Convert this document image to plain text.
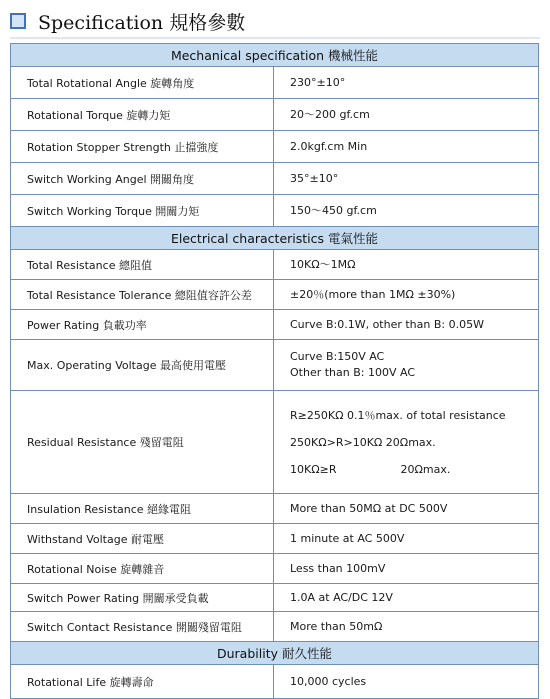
Specification 規格參數
Mechanical specification 機械性能
Total Rotational Angle 旋轉角度	230°±10°
Rotational Torque 旋轉力矩	20～200 gf.cm
Rotation Stopper Strength 止擋強度	2.0kgf.cm Min
Switch Working Angel 開關角度	35°±10°
Switch Working Torque 開關力矩	150～450 gf.cm
Electrical characteristics 電氣性能
Total Resistance 總阻值	10KΩ～1MΩ
Total Resistance Tolerance 總阻值容許公差	±20％(more than 1MΩ ±30%)
Power Rating 負載功率	Curve B:0.1W, other than B: 0.05W
Max. Operating Voltage 最高使用電壓
Curve B:150V AC
Other than B: 100V AC
Residual Resistance 殘留電阻
R≥250KΩ 0.1％max. of total resistance
250KΩ>R>10KΩ 20Ωmax.
10KΩ≥R	20Ωmax.
Insulation Resistance 絕緣電阻	More than 50MΩ at DC 500V
Withstand Voltage 耐電壓	1 minute at AC 500V
Rotational Noise 旋轉雜音	Less than 100mV
Switch Power Rating 開關承受負載	1.0A at AC/DC 12V
Switch Contact Resistance 開關殘留電阻	More than 50mΩ
Durability 耐久性能
Rotational Life 旋轉壽命	10,000 cycles
